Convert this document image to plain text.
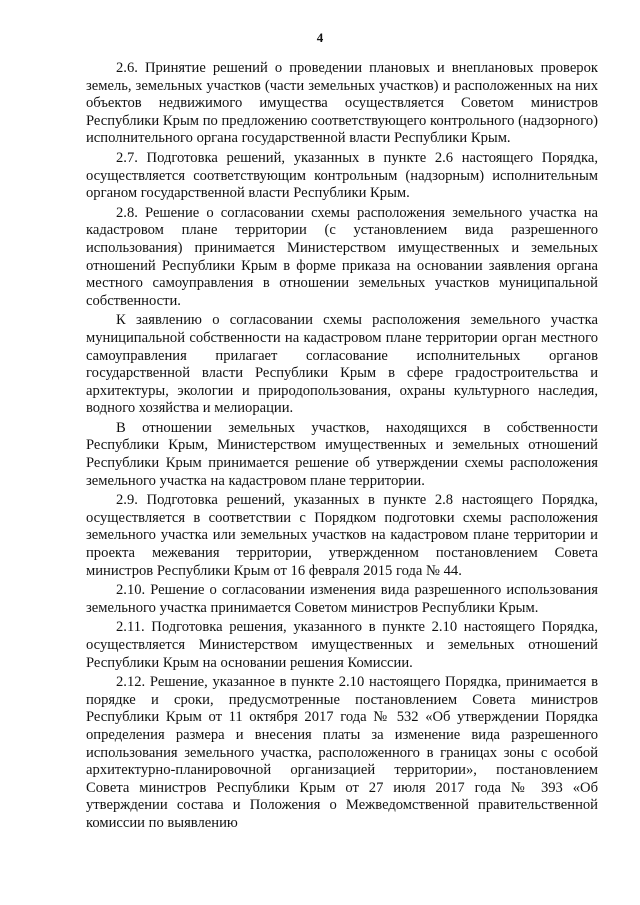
4

2.6. Принятие решений о проведении плановых и внеплановых проверок земель, земельных участков (части земельных участков) и расположенных на них объектов недвижимого имущества осуществляется Советом министров Республики Крым по предложению соответствующего контрольного (надзорного) исполнительного органа государственной власти Республики Крым.

2.7. Подготовка решений, указанных в пункте 2.6 настоящего Порядка, осуществляется соответствующим контрольным (надзорным) исполнительным органом государственной власти Республики Крым.

2.8. Решение о согласовании схемы расположения земельного участка на кадастровом плане территории (с установлением вида разрешенного использования) принимается Министерством имущественных и земельных отношений Республики Крым в форме приказа на основании заявления органа местного самоуправления в отношении земельных участков муниципальной собственности.

К заявлению о согласовании схемы расположения земельного участка муниципальной собственности на кадастровом плане территории орган местного самоуправления прилагает согласование исполнительных органов государственной власти Республики Крым в сфере градостроительства и архитектуры, экологии и природопользования, охраны культурного наследия, водного хозяйства и мелиорации.

В отношении земельных участков, находящихся в собственности Республики Крым, Министерством имущественных и земельных отношений Республики Крым принимается решение об утверждении схемы расположения земельного участка на кадастровом плане территории.

2.9. Подготовка решений, указанных в пункте 2.8 настоящего Порядка, осуществляется в соответствии с Порядком подготовки схемы расположения земельного участка или земельных участков на кадастровом плане территории и проекта межевания территории, утвержденном постановлением Совета министров Республики Крым от 16 февраля 2015 года № 44.

2.10. Решение о согласовании изменения вида разрешенного использования земельного участка принимается Советом министров Республики Крым.

2.11. Подготовка решения, указанного в пункте 2.10 настоящего Порядка, осуществляется Министерством имущественных и земельных отношений Республики Крым на основании решения Комиссии.

2.12. Решение, указанное в пункте 2.10 настоящего Порядка, принимается в порядке и сроки, предусмотренные постановлением Совета министров Республики Крым от 11 октября 2017 года № 532 «Об утверждении Порядка определения размера и внесения платы за изменение вида разрешенного использования земельного участка, расположенного в границах зоны с особой архитектурно-планировочной организацией территории», постановлением Совета министров Республики Крым от 27 июля 2017 года № 393 «Об утверждении состава и Положения о Межведомственной правительственной комиссии по выявлению
